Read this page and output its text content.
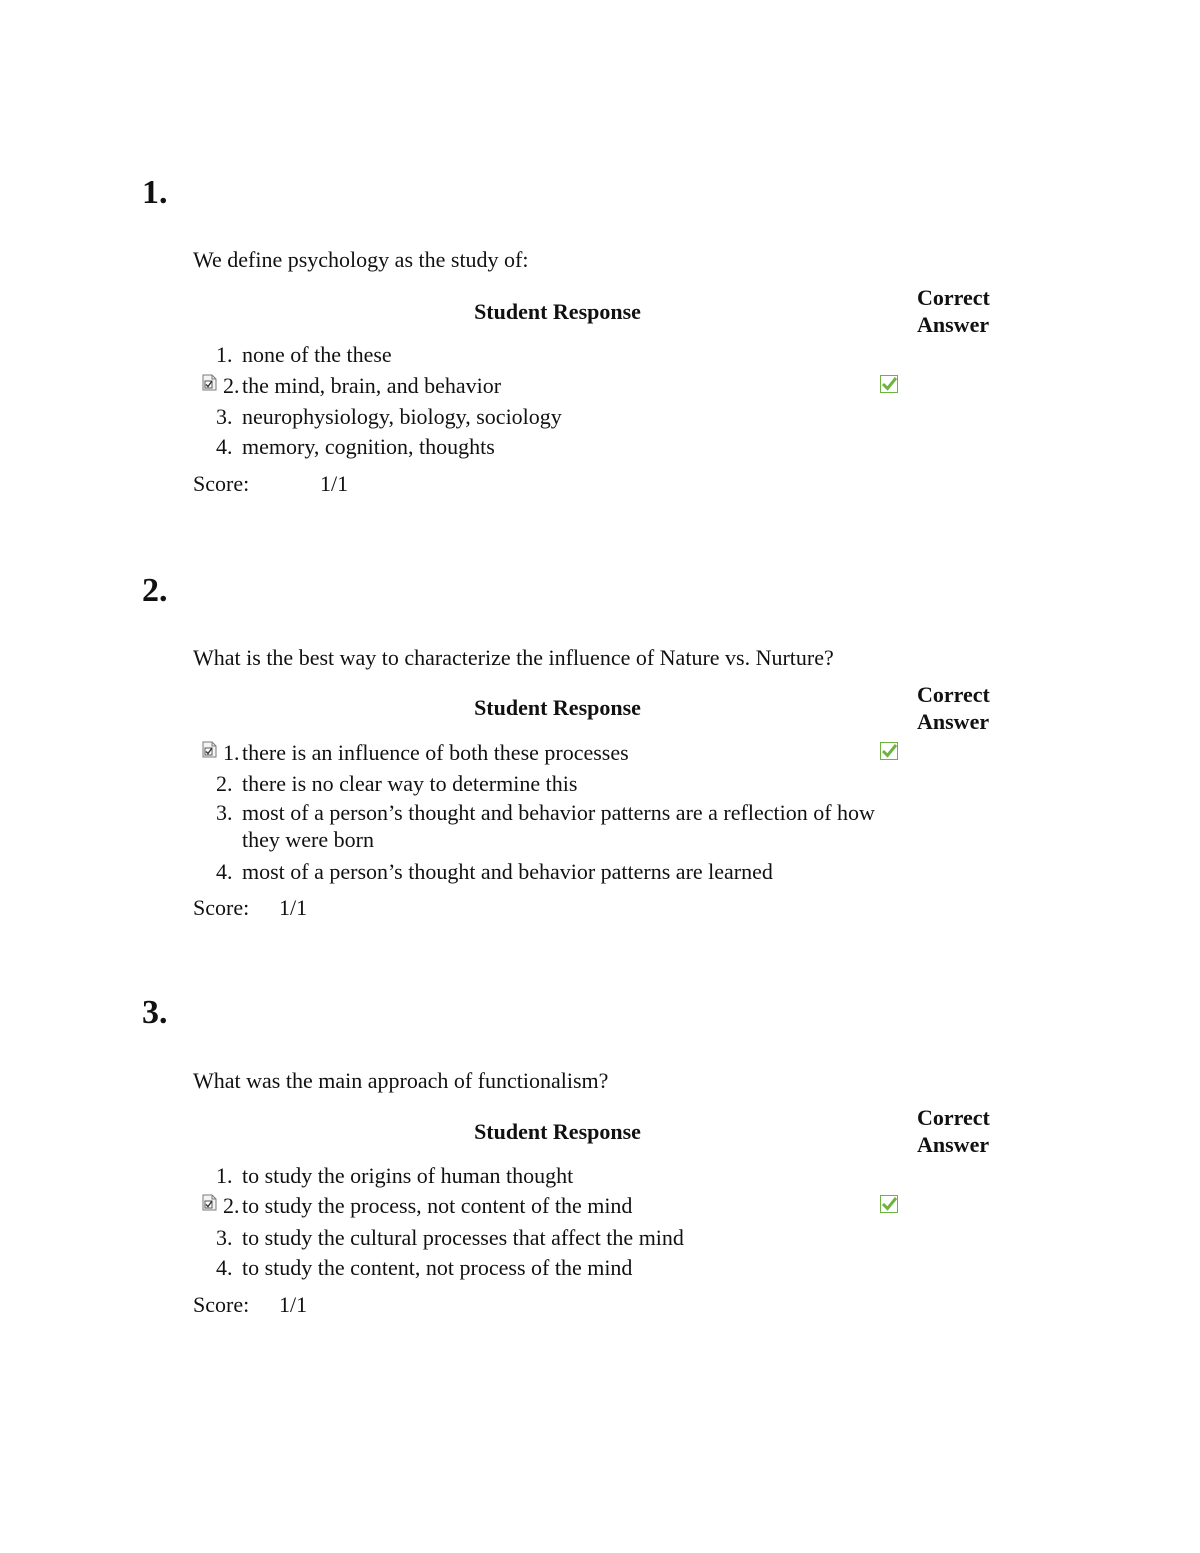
1.
We define psychology as the study of:
Student Response
Correct
Answer
1. none of the these
2. the mind, brain, and behavior
3. neurophysiology, biology, sociology
4. memory, cognition, thoughts
Score:	1/1
2.
What is the best way to characterize the influence of Nature vs. Nurture?
Student Response
Correct
Answer
1. there is an influence of both these processes
2. there is no clear way to determine this
3. most of a person’s thought and behavior patterns are a reflection of how they were born
4. most of a person’s thought and behavior patterns are learned
Score: 1/1
3.
What was the main approach of functionalism?
Student Response
Correct
Answer
1. to study the origins of human thought
2. to study the process, not content of the mind
3. to study the cultural processes that affect the mind
4. to study the content, not process of the mind
Score: 1/1
